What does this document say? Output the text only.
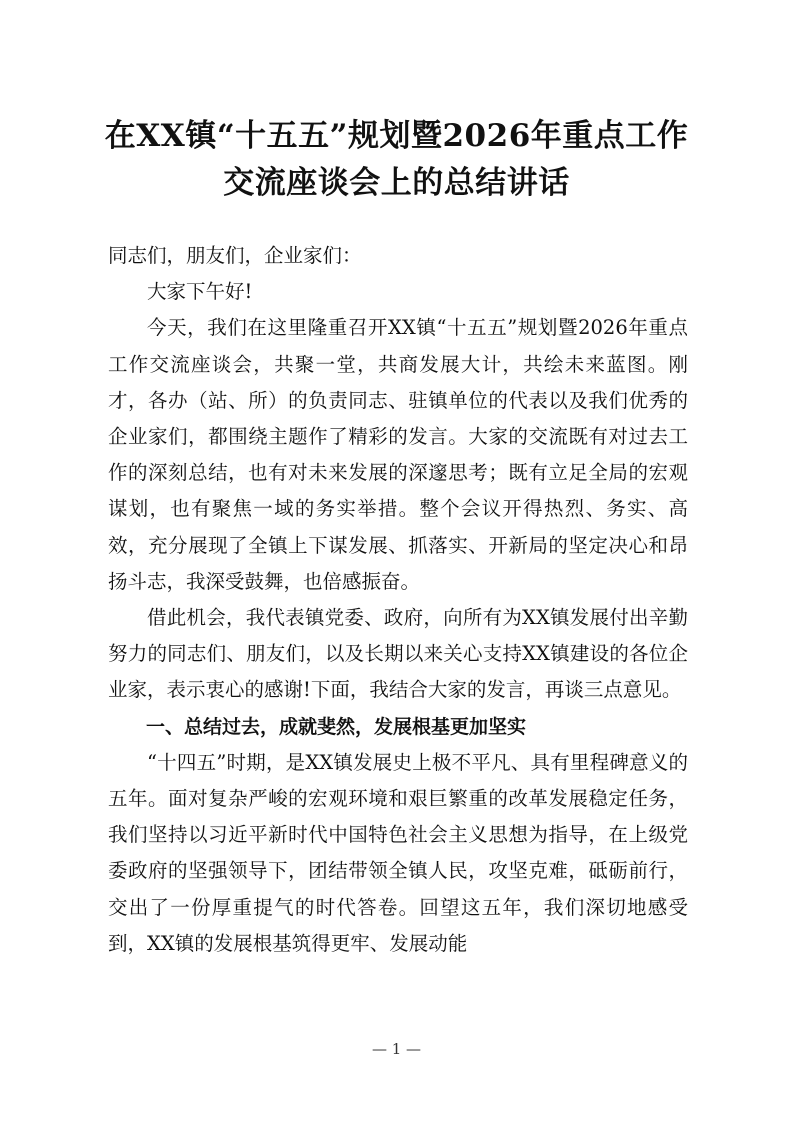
在XX镇“十五五”规划暨2026年重点工作交流座谈会上的总结讲话

同志们，朋友们，企业家们：

大家下午好!

今天，我们在这里隆重召开XX镇“十五五”规划暨2026年重点工作交流座谈会，共聚一堂，共商发展大计，共绘未来蓝图。刚才，各办（站、所）的负责同志、驻镇单位的代表以及我们优秀的企业家们，都围绕主题作了精彩的发言。大家的交流既有对过去工作的深刻总结，也有对未来发展的深邃思考；既有立足全局的宏观谋划，也有聚焦一域的务实举措。整个会议开得热烈、务实、高效，充分展现了全镇上下谋发展、抓落实、开新局的坚定决心和昂扬斗志，我深受鼓舞，也倍感振奋。

借此机会，我代表镇党委、政府，向所有为XX镇发展付出辛勤努力的同志们、朋友们，以及长期以来关心支持XX镇建设的各位企业家，表示衷心的感谢!下面，我结合大家的发言，再谈三点意见。

一、总结过去，成就斐然，发展根基更加坚实

“十四五”时期，是XX镇发展史上极不平凡、具有里程碑意义的五年。面对复杂严峻的宏观环境和艰巨繁重的改革发展稳定任务，我们坚持以习近平新时代中国特色社会主义思想为指导，在上级党委政府的坚强领导下，团结带领全镇人民，攻坚克难，砥砺前行，交出了一份厚重提气的时代答卷。回望这五年，我们深切地感受到，XX镇的发展根基筑得更牢、发展动能

— 1 —
